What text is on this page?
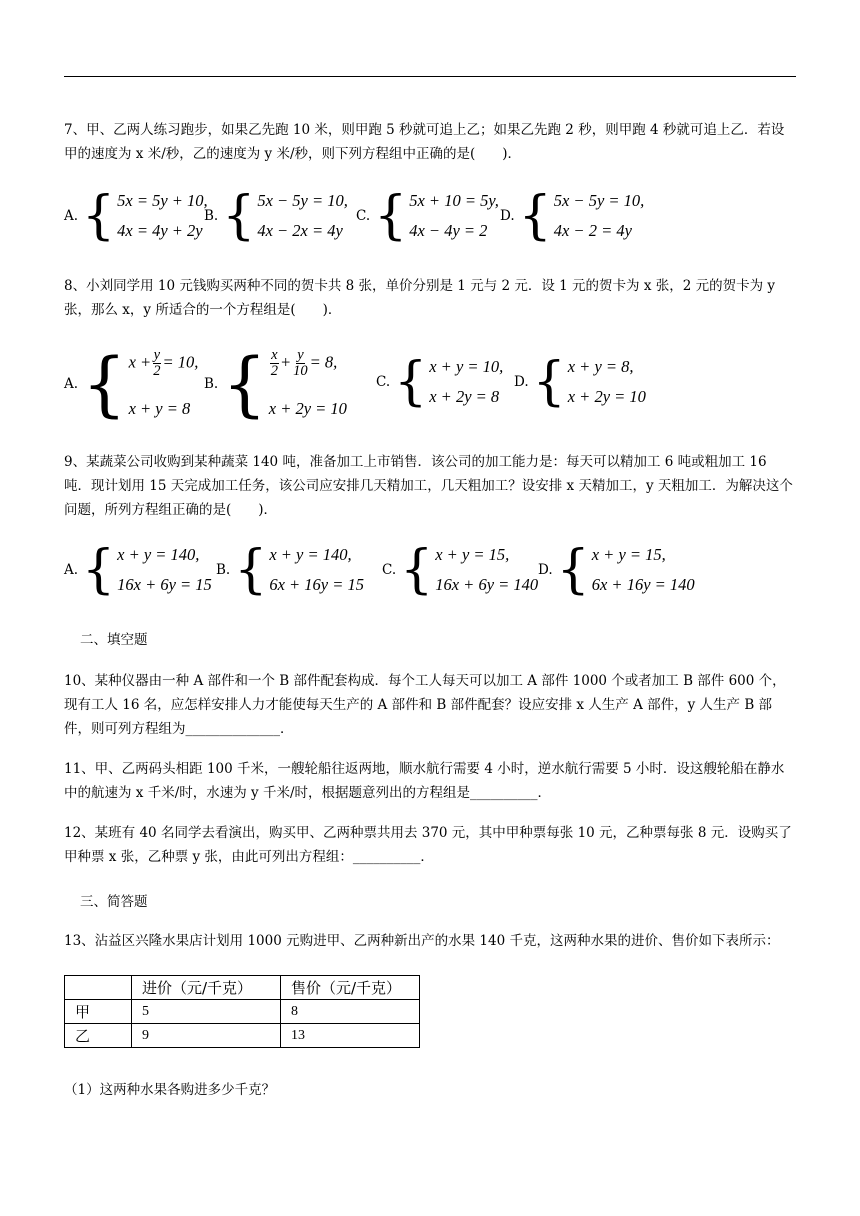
7、甲、乙两人练习跑步，如果乙先跑 10 米，则甲跑 5 秒就可追上乙；如果乙先跑 2 秒，则甲跑 4 秒就可追上乙．若设甲的速度为 x 米/秒，乙的速度为 y 米/秒，则下列方程组中正确的是(　　)．
A. { 5x = 5y + 10,
4x = 4y + 2y
B. { 5x − 5y = 10,
4x − 2x = 4y
C. { 5x + 10 = 5y,
4x − 4y = 2
D. { 5x − 5y = 10,
4x − 2 = 4y
8、小刘同学用 10 元钱购买两种不同的贺卡共 8 张，单价分别是 1 元与 2 元．设 1 元的贺卡为 x 张，2 元的贺卡为 y 张，那么 x，y 所适合的一个方程组是(　　)．
A. { $x + \frac{y}{2} = 10$,
x + y = 8
B. { $\frac{x}{2} + \frac{y}{10} = 8$,
x + 2y = 10
C. { x + y = 10,
x + 2y = 8
D. { x + y = 8,
x + 2y = 10
9、某蔬菜公司收购到某种蔬菜 140 吨，准备加工上市销售．该公司的加工能力是：每天可以精加工 6 吨或粗加工 16 吨．现计划用 15 天完成加工任务，该公司应安排几天精加工，几天粗加工？设安排 x 天精加工，y 天粗加工．为解决这个问题，所列方程组正确的是(　　)．
A. { x + y = 140,
16x + 6y = 15
B. { x + y = 140,
6x + 16y = 15
C. { x + y = 15,
16x + 6y = 140
D. { x + y = 15,
6x + 16y = 140
二、填空题
10、某种仪器由一种 A 部件和一个 B 部件配套构成．每个工人每天可以加工 A 部件 1000 个或者加工 B 部件 600 个，现有工人 16 名，应怎样安排人力才能使每天生产的 A 部件和 B 部件配套？设应安排 x 人生产 A 部件，y 人生产 B 部件，则可列方程组为______________．
11、甲、乙两码头相距 100 千米，一艘轮船往返两地，顺水航行需要 4 小时，逆水航行需要 5 小时．设这艘轮船在静水中的航速为 x 千米/时，水速为 y 千米/时，根据题意列出的方程组是__________．
12、某班有 40 名同学去看演出，购买甲、乙两种票共用去 370 元，其中甲种票每张 10 元，乙种票每张 8 元．设购买了甲种票 x 张，乙种票 y 张，由此可列出方程组：__________．
三、简答题
13、沾益区兴隆水果店计划用 1000 元购进甲、乙两种新出产的水果 140 千克，这两种水果的进价、售价如下表所示：
	进价（元/千克）	售价（元/千克）
甲	5	8
乙	9	13
（1）这两种水果各购进多少千克？
